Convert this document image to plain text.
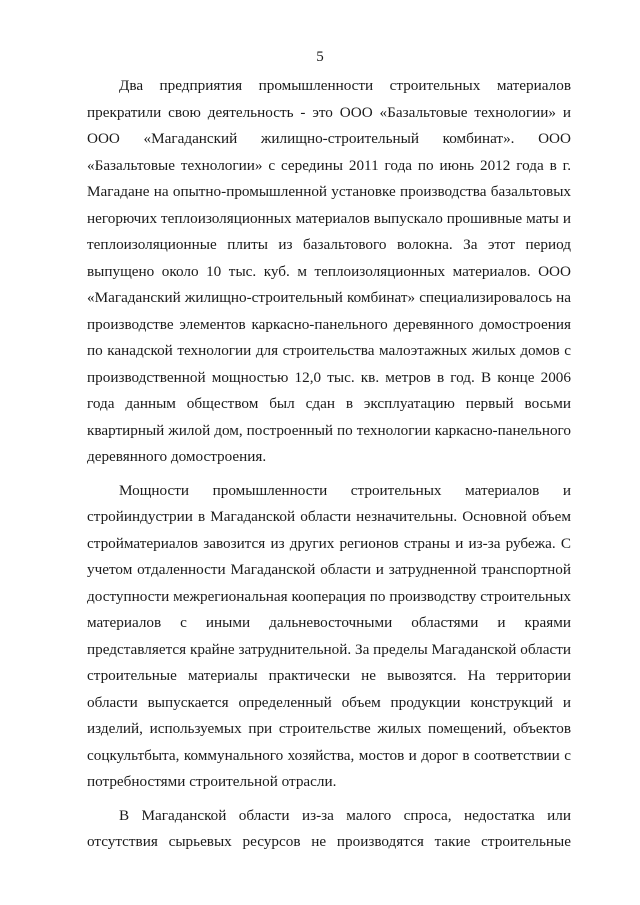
5
Два предприятия промышленности строительных материалов
прекратили свою деятельность - это ООО «Базальтовые технологии» и
ООО «Магаданский жилищно-строительный комбинат». ООО
«Базальтовые технологии» с середины 2011 года по июнь 2012 года в г.
Магадане на опытно-промышленной установке производства базальтовых
негорючих теплоизоляционных материалов выпускало прошивные маты и
теплоизоляционные плиты из базальтового волокна. За этот период
выпущено около 10 тыс. куб. м теплоизоляционных материалов. ООО
«Магаданский жилищно-строительный комбинат» специализировалось на
производстве элементов каркасно-панельного деревянного домостроения
по канадской технологии для строительства малоэтажных жилых домов с
производственной мощностью 12,0 тыс. кв. метров в год. В конце 2006
года данным обществом был сдан в эксплуатацию первый восьми
квартирный жилой дом, построенный по технологии каркасно-панельного
деревянного домостроения.
Мощности промышленности строительных материалов и
стройиндустрии в Магаданской области незначительны. Основной объем
стройматериалов завозится из других регионов страны и из-за рубежа. С
учетом отдаленности Магаданской области и затрудненной транспортной
доступности межрегиональная кооперация по производству строительных
материалов с иными дальневосточными областями и краями
представляется крайне затруднительной. За пределы Магаданской области
строительные материалы практически не вывозятся. На территории
области выпускается определенный объем продукции конструкций и
изделий, используемых при строительстве жилых помещений, объектов
соцкультбыта, коммунального хозяйства, мостов и дорог в соответствии с
потребностями строительной отрасли.
В Магаданской области из-за малого спроса, недостатка или
отсутствия сырьевых ресурсов не производятся такие строительные
